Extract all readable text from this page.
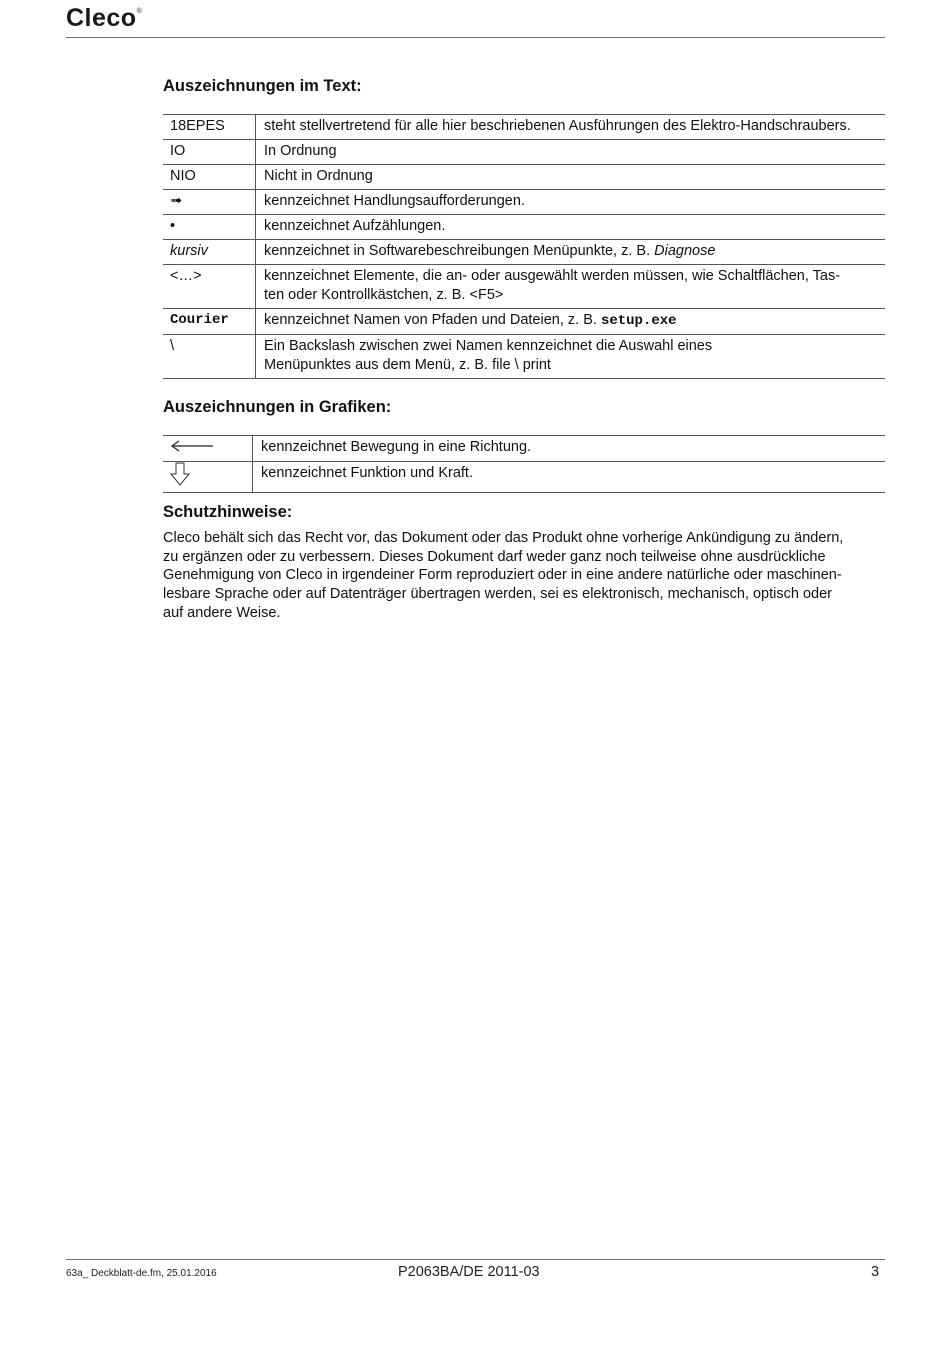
Cleco®
Auszeichnungen im Text:
18EPES	steht stellvertretend für alle hier beschriebenen Ausführungen des Elektro-Handschraubers.
IO	In Ordnung
NIO	Nicht in Ordnung
➟	kennzeichnet Handlungsaufforderungen.
•	kennzeichnet Aufzählungen.
kursiv	kennzeichnet in Softwarebeschreibungen Menüpunkte, z. B. Diagnose
<…>	kennzeichnet Elemente, die an- oder ausgewählt werden müssen, wie Schaltflächen, Tas-
ten oder Kontrollkästchen, z. B. <F5>
Courier	kennzeichnet Namen von Pfaden und Dateien, z. B. setup.exe
\	Ein Backslash zwischen zwei Namen kennzeichnet die Auswahl eines
Menüpunktes aus dem Menü, z. B. file \ print
Auszeichnungen in Grafiken:
	kennzeichnet Bewegung in eine Richtung.
	kennzeichnet Funktion und Kraft.
Schutzhinweise:

Cleco behält sich das Recht vor, das Dokument oder das Produkt ohne vorherige Ankündigung zu ändern,
zu ergänzen oder zu verbessern. Dieses Dokument darf weder ganz noch teilweise ohne ausdrückliche
Genehmigung von Cleco in irgendeiner Form reproduziert oder in eine andere natürliche oder maschinen-
lesbare Sprache oder auf Datenträger übertragen werden, sei es elektronisch, mechanisch, optisch oder
auf andere Weise.

63a_ Deckblatt-de.fm, 25.01.2016	P2063BA/DE 2011-03	3
